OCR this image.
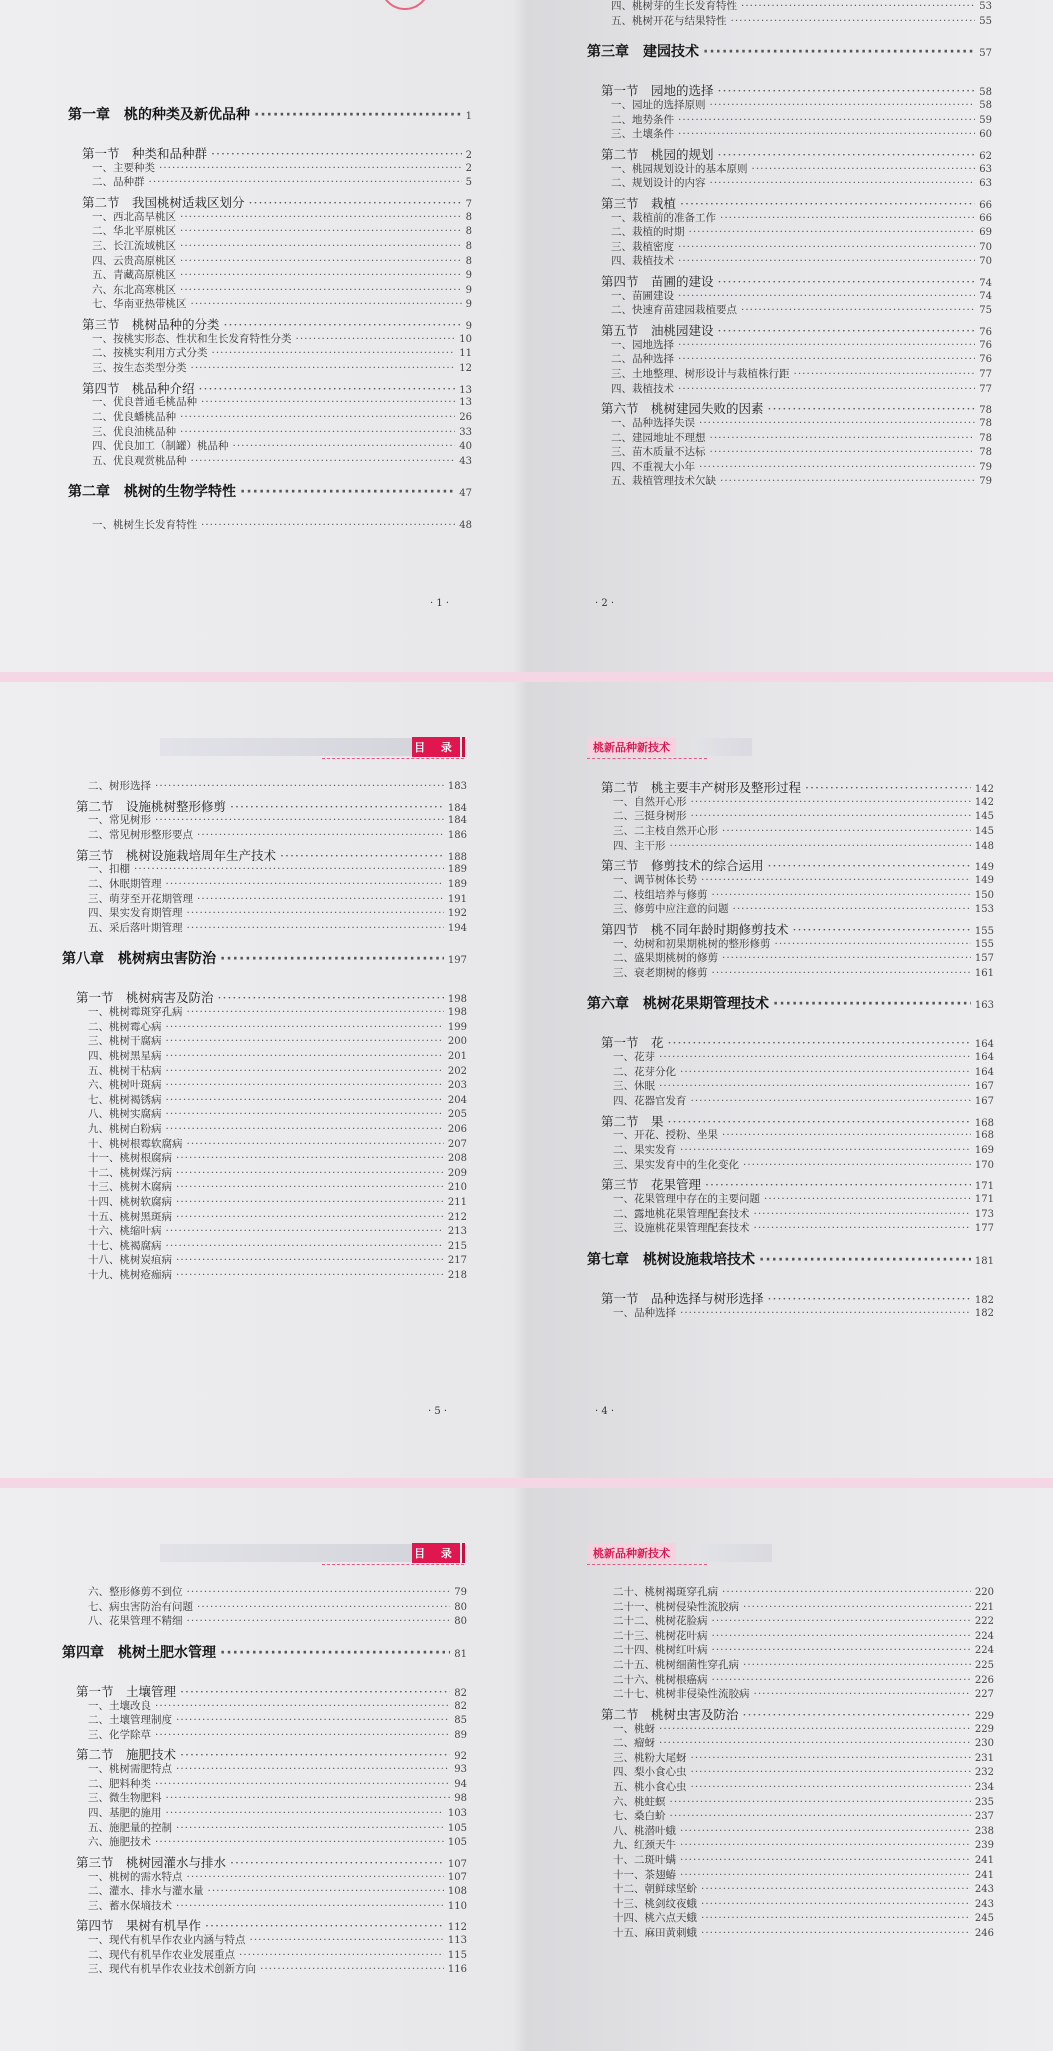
第一章　桃的种类及新优品种 ·····	1
第一节　种类和品种群 ·····	2
一、主要种类 ·····	2
二、品种群 ·····	5
第二节　我国桃树适栽区划分 ·····	7
一、西北高旱桃区 ·····	8
二、华北平原桃区 ·····	8
三、长江流域桃区 ·····	8
四、云贵高原桃区 ·····	8
五、青藏高原桃区 ·····	9
六、东北高寒桃区 ·····	9
七、华南亚热带桃区 ·····	9
第三节　桃树品种的分类 ·····	9
一、按桃实形态、性状和生长发育特性分类 ·····	10
二、按桃实利用方式分类 ·····	11
三、按生态类型分类 ·····	12
第四节　桃品种介绍 ·····	13
一、优良普通毛桃品种 ·····	13
二、优良蟠桃品种 ·····	26
三、优良油桃品种 ·····	33
四、优良加工（制罐）桃品种 ·····	40
五、优良观赏桃品种 ·····	43
第二章　桃树的生物学特性 ·····	47
一、桃树生长发育特性 ·····	48
· 1 ·
四、桃树芽的生长发育特性 ·····	53
五、桃树开花与结果特性 ·····	55
第三章　建园技术 ·····	57
第一节　园地的选择 ·····	58
一、园址的选择原则 ·····	58
二、地势条件 ·····	59
三、土壤条件 ·····	60
第二节　桃园的规划 ·····	62
一、桃园规划设计的基本原则 ·····	63
二、规划设计的内容 ·····	63
第三节　栽植 ·····	66
一、栽植前的准备工作 ·····	66
二、栽植的时期 ·····	69
三、栽植密度 ·····	70
四、栽植技术 ·····	70
第四节　苗圃的建设 ·····	74
一、苗圃建设 ·····	74
二、快速育苗建园栽植要点 ·····	75
第五节　油桃园建设 ·····	76
一、园地选择 ·····	76
二、品种选择 ·····	76
三、土地整理、树形设计与栽植株行距 ·····	77
四、栽植技术 ·····	77
第六节　桃树建园失败的因素 ·····	78
一、品种选择失误 ·····	78
二、建园地址不理想 ·····	78
三、苗木质量不达标 ·····	78
四、不重视大小年 ·····	79
五、栽植管理技术欠缺 ·····	79
· 2 ·
目 录
二、树形选择 ·····	183
第二节　设施桃树整形修剪 ·····	184
一、常见树形 ·····	184
二、常见树形整形要点 ·····	186
第三节　桃树设施栽培周年生产技术 ·····	188
一、扣棚 ·····	189
二、休眠期管理 ·····	189
三、萌芽至开花期管理 ·····	191
四、果实发育期管理 ·····	192
五、采后落叶期管理 ·····	194
第八章　桃树病虫害防治 ·····	197
第一节　桃树病害及防治 ·····	198
一、桃树霉斑穿孔病 ·····	198
二、桃树霉心病 ·····	199
三、桃树干腐病 ·····	200
四、桃树黑星病 ·····	201
五、桃树干枯病 ·····	202
六、桃树叶斑病 ·····	203
七、桃树褐锈病 ·····	204
八、桃树实腐病 ·····	205
九、桃树白粉病 ·····	206
十、桃树根霉软腐病 ·····	207
十一、桃树根腐病 ·····	208
十二、桃树煤污病 ·····	209
十三、桃树木腐病 ·····	210
十四、桃树软腐病 ·····	211
十五、桃树黑斑病 ·····	212
十六、桃缩叶病 ·····	213
十七、桃褐腐病 ·····	215
十八、桃树炭疽病 ·····	217
十九、桃树疮痂病 ·····	218
· 5 ·
桃新品种新技术
第二节　桃主要丰产树形及整形过程 ·····	142
一、自然开心形 ·····	142
二、三挺身树形 ·····	145
三、二主枝自然开心形 ·····	145
四、主干形 ·····	148
第三节　修剪技术的综合运用 ·····	149
一、调节树体长势 ·····	149
二、枝组培养与修剪 ·····	150
三、修剪中应注意的问题 ·····	153
第四节　桃不同年龄时期修剪技术 ·····	155
一、幼树和初果期桃树的整形修剪 ·····	155
二、盛果期桃树的修剪 ·····	157
三、衰老期树的修剪 ·····	161
第六章　桃树花果期管理技术 ·····	163
第一节　花 ·····	164
一、花芽 ·····	164
二、花芽分化 ·····	164
三、休眠 ·····	167
四、花器官发育 ·····	167
第二节　果 ·····	168
一、开花、授粉、坐果 ·····	168
二、果实发育 ·····	169
三、果实发育中的生化变化 ·····	170
第三节　花果管理 ·····	171
一、花果管理中存在的主要问题 ·····	171
二、露地桃花果管理配套技术 ·····	173
三、设施桃花果管理配套技术 ·····	177
第七章　桃树设施栽培技术 ·····	181
第一节　品种选择与树形选择 ·····	182
一、品种选择 ·····	182
· 4 ·
目 录
六、整形修剪不到位 ·····	79
七、病虫害防治有问题 ·····	80
八、花果管理不精细 ·····	80
第四章　桃树土肥水管理 ·····	81
第一节　土壤管理 ·····	82
一、土壤改良 ·····	82
二、土壤管理制度 ·····	85
三、化学除草 ·····	89
第二节　施肥技术 ·····	92
一、桃树需肥特点 ·····	93
二、肥料种类 ·····	94
三、微生物肥料 ·····	98
四、基肥的施用 ·····	103
五、施肥量的控制 ·····	105
六、施肥技术 ·····	105
第三节　桃树园灌水与排水 ·····	107
一、桃树的需水特点 ·····	107
二、灌水、排水与灌水量 ·····	108
三、蓄水保墒技术 ·····	110
第四节　果树有机旱作 ·····	112
一、现代有机旱作农业内涵与特点 ·····	113
二、现代有机旱作农业发展重点 ·····	115
三、现代有机旱作农业技术创新方向 ·····	116
桃新品种新技术
二十、桃树褐斑穿孔病 ·····	220
二十一、桃树侵染性流胶病 ·····	221
二十二、桃树花脸病 ·····	222
二十三、桃树花叶病 ·····	224
二十四、桃树红叶病 ·····	224
二十五、桃树细菌性穿孔病 ·····	225
二十六、桃树根癌病 ·····	226
二十七、桃树非侵染性流胶病 ·····	227
第二节　桃树虫害及防治 ·····	229
一、桃蚜 ·····	229
二、瘤蚜 ·····	230
三、桃粉大尾蚜 ·····	231
四、梨小食心虫 ·····	232
五、桃小食心虫 ·····	234
六、桃蛀螟 ·····	235
七、桑白蚧 ·····	237
八、桃潜叶蛾 ·····	238
九、红颈天牛 ·····	239
十、二斑叶螨 ·····	241
十一、茶翅蝽 ·····	241
十二、朝鲜球坚蚧 ·····	243
十三、桃剑纹夜蛾 ·····	243
十四、桃六点天蛾 ·····	245
十五、麻田黄刺蛾 ·····	246
